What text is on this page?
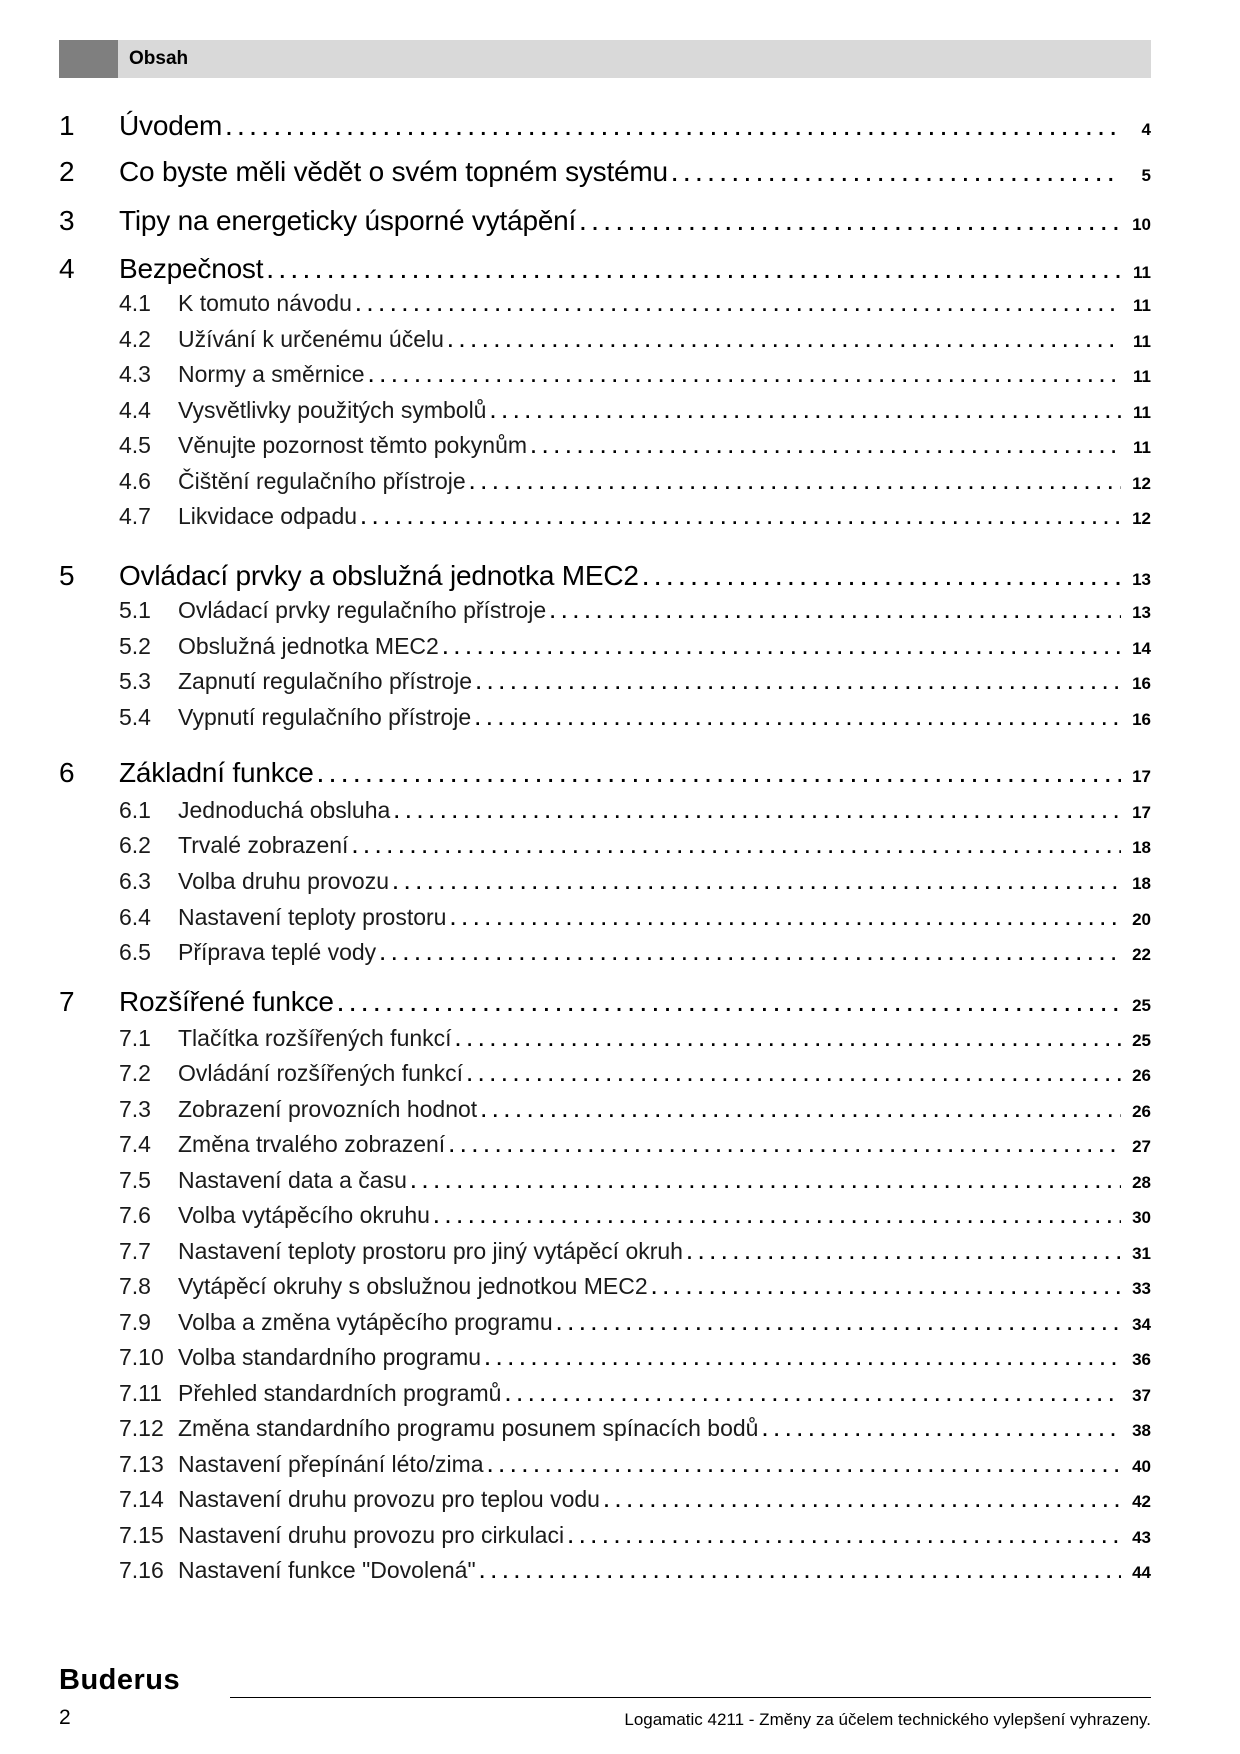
Obsah
1	Úvodem . . .	4
2	Co byste měli vědět o svém topném systému . . .	5
3	Tipy na energeticky úsporné vytápění . . .	10
4	Bezpečnost . . .	11
4.1	K tomuto návodu . . .	11
4.2	Užívání k určenému účelu . . .	11
4.3	Normy a směrnice . . .	11
4.4	Vysvětlivky použitých symbolů . . .	11
4.5	Věnujte pozornost těmto pokynům . . .	11
4.6	Čištění regulačního přístroje . . .	12
4.7	Likvidace odpadu . . .	12
5	Ovládací prvky a obslužná jednotka MEC2 . . .	13
5.1	Ovládací prvky regulačního přístroje . . .	13
5.2	Obslužná jednotka MEC2 . . .	14
5.3	Zapnutí regulačního přístroje . . .	16
5.4	Vypnutí regulačního přístroje . . .	16
6	Základní funkce . . .	17
6.1	Jednoduchá obsluha . . .	17
6.2	Trvalé zobrazení . . .	18
6.3	Volba druhu provozu . . .	18
6.4	Nastavení teploty prostoru . . .	20
6.5	Příprava teplé vody . . .	22
7	Rozšířené funkce . . .	25
7.1	Tlačítka rozšířených funkcí . . .	25
7.2	Ovládání rozšířených funkcí . . .	26
7.3	Zobrazení provozních hodnot . . .	26
7.4	Změna trvalého zobrazení . . .	27
7.5	Nastavení data a času . . .	28
7.6	Volba vytápěcího okruhu . . .	30
7.7	Nastavení teploty prostoru pro jiný vytápěcí okruh . . .	31
7.8	Vytápěcí okruhy s obslužnou jednotkou MEC2 . . .	33
7.9	Volba a změna vytápěcího programu . . .	34
7.10 Volba standardního programu . . .	36
7.11 Přehled standardních programů . . .	37
7.12 Změna standardního programu posunem spínacích bodů . . .	38
7.13 Nastavení přepínání léto/zima . . .	40
7.14 Nastavení druhu provozu pro teplou vodu . . .	42
7.15 Nastavení druhu provozu pro cirkulaci . . .	43
7.16 Nastavení funkce "Dovolená" . . .	44
Buderus
2	Logamatic 4211 - Změny za účelem technického vylepšení vyhrazeny.
